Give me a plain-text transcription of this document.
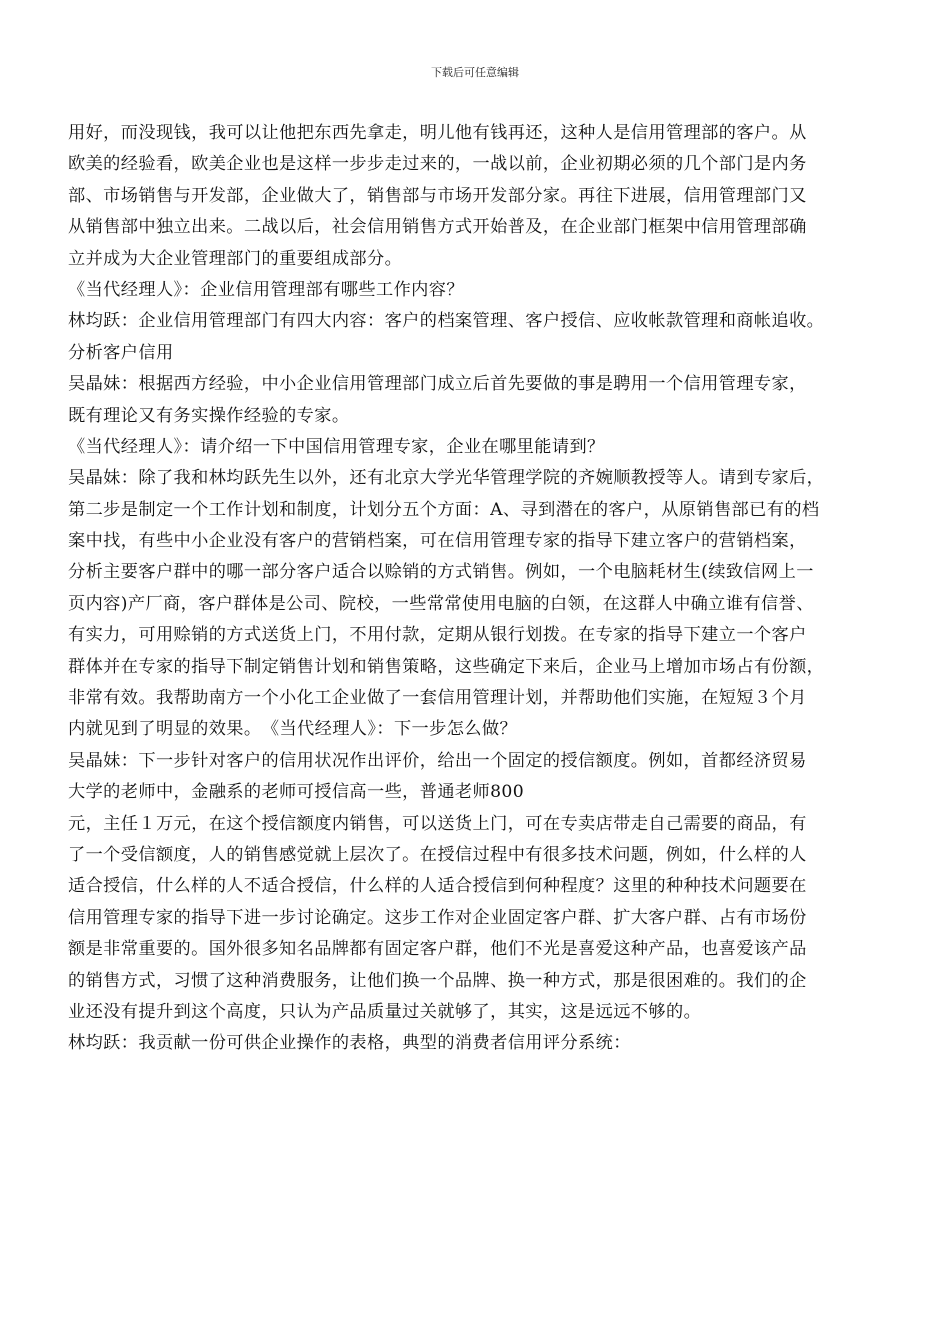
下载后可任意编辑
用好，而没现钱，我可以让他把东西先拿走，明儿他有钱再还，这种人是信用管理部的客户。从
欧美的经验看，欧美企业也是这样一步步走过来的，一战以前，企业初期必须的几个部门是内务
部、市场销售与开发部，企业做大了，销售部与市场开发部分家。再往下进展，信用管理部门又
从销售部中独立出来。二战以后，社会信用销售方式开始普及，在企业部门框架中信用管理部确
立并成为大企业管理部门的重要组成部分。
《当代经理人》：企业信用管理部有哪些工作内容？
林均跃：企业信用管理部门有四大内容：客户的档案管理、客户授信、应收帐款管理和商帐追收。
分析客户信用
吴晶妹：根据西方经验，中小企业信用管理部门成立后首先要做的事是聘用一个信用管理专家，
既有理论又有务实操作经验的专家。
《当代经理人》：请介绍一下中国信用管理专家，企业在哪里能请到？
吴晶妹：除了我和林均跃先生以外，还有北京大学光华管理学院的齐婉顺教授等人。请到专家后，
第二步是制定一个工作计划和制度，计划分五个方面：A、寻到潜在的客户，从原销售部已有的档
案中找，有些中小企业没有客户的营销档案，可在信用管理专家的指导下建立客户的营销档案，
分析主要客户群中的哪一部分客户适合以赊销的方式销售。例如，一个电脑耗材生(续致信网上一
页内容)产厂商，客户群体是公司、院校，一些常常使用电脑的白领，在这群人中确立谁有信誉、
有实力，可用赊销的方式送货上门，不用付款，定期从银行划拨。在专家的指导下建立一个客户
群体并在专家的指导下制定销售计划和销售策略，这些确定下来后，企业马上增加市场占有份额，
非常有效。我帮助南方一个小化工企业做了一套信用管理计划，并帮助他们实施，在短短３个月
内就见到了明显的效果。　《当代经理人》：下一步怎么做？
吴晶妹：下一步针对客户的信用状况作出评价，给出一个固定的授信额度。例如，首都经济贸易
大学的老师中，金融系的老师可授信高一些，普通老师800
元，主任１万元，在这个授信额度内销售，可以送货上门，可在专卖店带走自己需要的商品，有
了一个受信额度，人的销售感觉就上层次了。在授信过程中有很多技术问题，例如，什么样的人
适合授信，什么样的人不适合授信，什么样的人适合授信到何种程度？这里的种种技术问题要在
信用管理专家的指导下进一步讨论确定。这步工作对企业固定客户群、扩大客户群、占有市场份
额是非常重要的。国外很多知名品牌都有固定客户群，他们不光是喜爱这种产品，也喜爱该产品
的销售方式，习惯了这种消费服务，让他们换一个品牌、换一种方式，那是很困难的。我们的企
业还没有提升到这个高度，只认为产品质量过关就够了，其实，这是远远不够的。
林均跃：我贡献一份可供企业操作的表格，典型的消费者信用评分系统：
